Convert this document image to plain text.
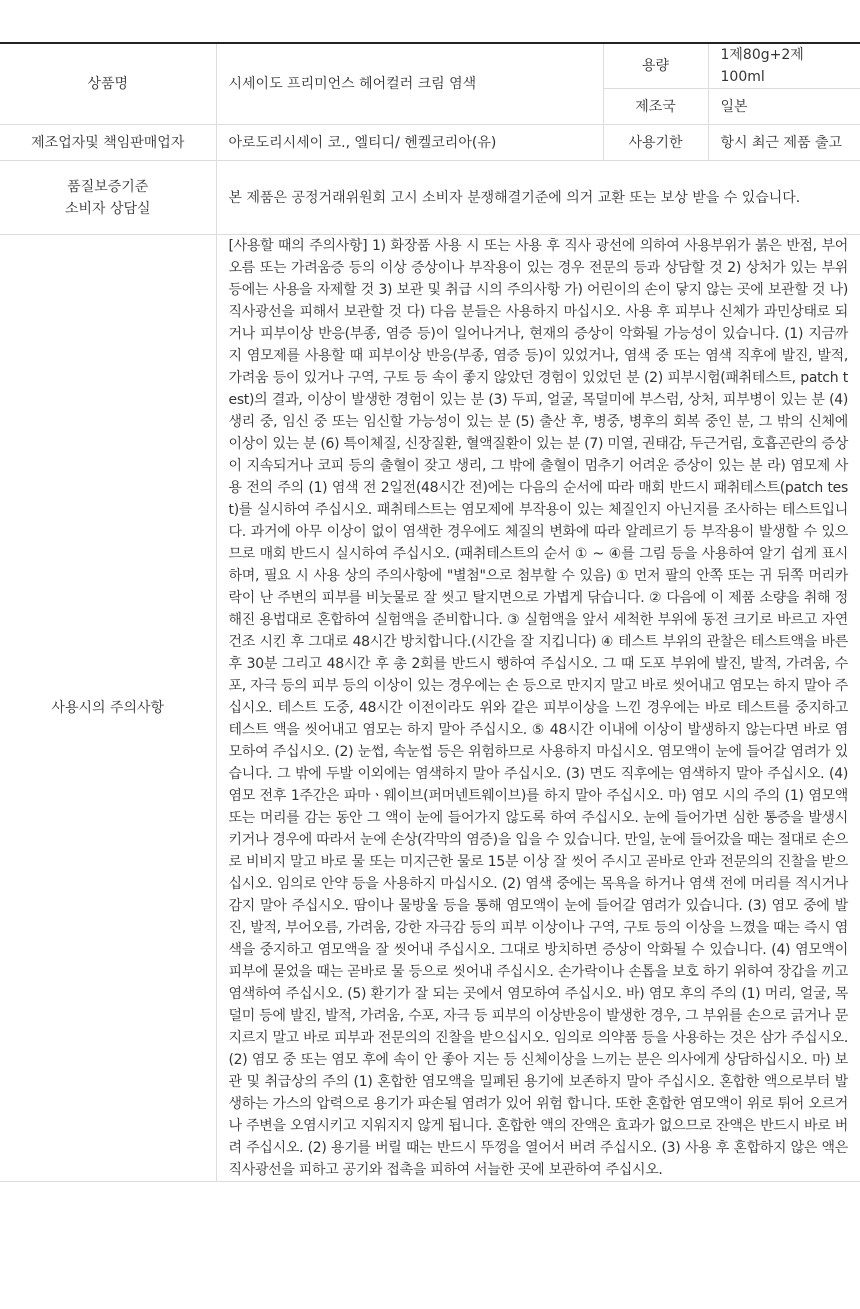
상품명	시세이도 프리미언스 헤어컬러 크림 염색	용량	1제80g+2제 100ml
		제조국	일본
제조업자및 책임판매업자	아로도리시세이 코., 엘티디/ 헨켈코리아(유)	사용기한	항시 최근 제품 출고

품질보증기준
소비자 상담실	본 제품은 공정거래위원회 고시 소비자 분쟁해결기준에 의거 교환 또는 보상 받을 수 있습니다.		
사용시의 주의사항	[사용할 때의 주의사항] 1) 화장품 사용 시 또는 사용 후 직사 광선에 의하여 사용부위가 붉은 반점, 부어오름 또는 가려움증 등의 이상 증상이나 부작용이 있는 경우 전문의 등과 상담할 것 2) 상처가 있는 부위 등에는 사용을 자제할 것 3) 보관 및 취급 시의 주의사항 가) 어린이의 손이 닿지 않는 곳에 보관할 것 나) 직사광선을 피해서 보관할 것 다) 다음 분들은 사용하지 마십시오. 사용 후 피부나 신체가 과민상태로 되거나 피부이상 반응(부종, 염증 등)이 일어나거나, 현재의 증상이 악화될 가능성이 있습니다. (1) 지금까지 염모제를 사용할 때 피부이상 반응(부종, 염증 등)이 있었거나, 염색 중 또는 염색 직후에 발진, 발적, 가려움 등이 있거나 구역, 구토 등 속이 좋지 않았던 경험이 있었던 분 (2) 피부시험(패취테스트, patch test)의 결과, 이상이 발생한 경험이 있는 분 (3) 두피, 얼굴, 목덜미에 부스럼, 상처, 피부병이 있는 분 (4) 생리 중, 임신 중 또는 임신할 가능성이 있는 분 (5) 출산 후, 병중, 병후의 회복 중인 분, 그 밖의 신체에 이상이 있는 분 (6) 특이체질, 신장질환, 혈액질환이 있는 분 (7) 미열, 권태감, 두근거림, 호흡곤란의 증상이 지속되거나 코피 등의 출혈이 잦고 생리, 그 밖에 출혈이 멈추기 어려운 증상이 있는 분 라) 염모제 사용 전의 주의 (1) 염색 전 2일전(48시간 전)에는 다음의 순서에 따라 매회 반드시 패취테스트(patch test)를 실시하여 주십시오. 패취테스트는 염모제에 부작용이 있는 체질인지 아닌지를 조사하는 테스트입니다. 과거에 아무 이상이 없이 염색한 경우에도 체질의 변화에 따라 알레르기 등 부작용이 발생할 수 있으므로 매회 반드시 실시하여 주십시오. (패취테스트의 순서 ① ~ ④를 그림 등을 사용하여 알기 쉽게 표시하며, 필요 시 사용 상의 주의사항에 "별첨"으로 첨부할 수 있음) ① 먼저 팔의 안쪽 또는 귀 뒤쪽 머리카락이 난 주변의 피부를 비눗물로 잘 씻고 탈지면으로 가볍게 닦습니다. ② 다음에 이 제품 소량을 취해 정해진 용법대로 혼합하여 실험액을 준비합니다. ③ 실험액을 앞서 세척한 부위에 동전 크기로 바르고 자연건조 시킨 후 그대로 48시간 방치합니다.(시간을 잘 지킵니다) ④ 테스트 부위의 관찰은 테스트액을 바른 후 30분 그리고 48시간 후 총 2회를 반드시 행하여 주십시오. 그 때 도포 부위에 발진, 발적, 가려움, 수포, 자극 등의 피부 등의 이상이 있는 경우에는 손 등으로 만지지 말고 바로 씻어내고 염모는 하지 말아 주십시오. 테스트 도중, 48시간 이전이라도 위와 같은 피부이상을 느낀 경우에는 바로 테스트를 중지하고 테스트 액을 씻어내고 염모는 하지 말아 주십시오. ⑤ 48시간 이내에 이상이 발생하지 않는다면 바로 염모하여 주십시오. (2) 눈썹, 속눈썹 등은 위험하므로 사용하지 마십시오. 염모액이 눈에 들어갈 염려가 있습니다. 그 밖에 두발 이외에는 염색하지 말아 주십시오. (3) 면도 직후에는 염색하지 말아 주십시오. (4) 염모 전후 1주간은 파마ㆍ웨이브(퍼머넨트웨이브)를 하지 말아 주십시오. 마) 염모 시의 주의 (1) 염모액 또는 머리를 감는 동안 그 액이 눈에 들어가지 않도록 하여 주십시오. 눈에 들어가면 심한 통증을 발생시키거나 경우에 따라서 눈에 손상(각막의 염증)을 입을 수 있습니다. 만일, 눈에 들어갔을 때는 절대로 손으로 비비지 말고 바로 물 또는 미지근한 물로 15분 이상 잘 씻어 주시고 곧바로 안과 전문의의 진찰을 받으십시오. 임의로 안약 등을 사용하지 마십시오. (2) 염색 중에는 목욕을 하거나 염색 전에 머리를 적시거나 감지 말아 주십시오. 땀이나 물방울 등을 통해 염모액이 눈에 들어갈 염려가 있습니다. (3) 염모 중에 발진, 발적, 부어오름, 가려움, 강한 자극감 등의 피부 이상이나 구역, 구토 등의 이상을 느꼈을 때는 즉시 염색을 중지하고 염모액을 잘 씻어내 주십시오. 그대로 방치하면 증상이 악화될 수 있습니다. (4) 염모액이 피부에 묻었을 때는 곧바로 물 등으로 씻어내 주십시오. 손가락이나 손톱을 보호 하기 위하여 장갑을 끼고 염색하여 주십시오. (5) 환기가 잘 되는 곳에서 염모하여 주십시오. 바) 염모 후의 주의 (1) 머리, 얼굴, 목덜미 등에 발진, 발적, 가려움, 수포, 자극 등 피부의 이상반응이 발생한 경우, 그 부위를 손으로 긁거나 문지르지 말고 바로 피부과 전문의의 진찰을 받으십시오. 임의로 의약품 등을 사용하는 것은 삼가 주십시오. (2) 염모 중 또는 염모 후에 속이 안 좋아 지는 등 신체이상을 느끼는 분은 의사에게 상담하십시오. 마) 보관 및 취급상의 주의 (1) 혼합한 염모액을 밀폐된 용기에 보존하지 말아 주십시오. 혼합한 액으로부터 발생하는 가스의 압력으로 용기가 파손될 염려가 있어 위험 합니다. 또한 혼합한 염모액이 위로 튀어 오르거나 주변을 오염시키고 지워지지 않게 됩니다. 혼합한 액의 잔액은 효과가 없으므로 잔액은 반드시 바로 버려 주십시오. (2) 용기를 버릴 때는 반드시 뚜껑을 열어서 버려 주십시오. (3) 사용 후 혼합하지 않은 액은 직사광선을 피하고 공기와 접촉을 피하여 서늘한 곳에 보관하여 주십시오.		
